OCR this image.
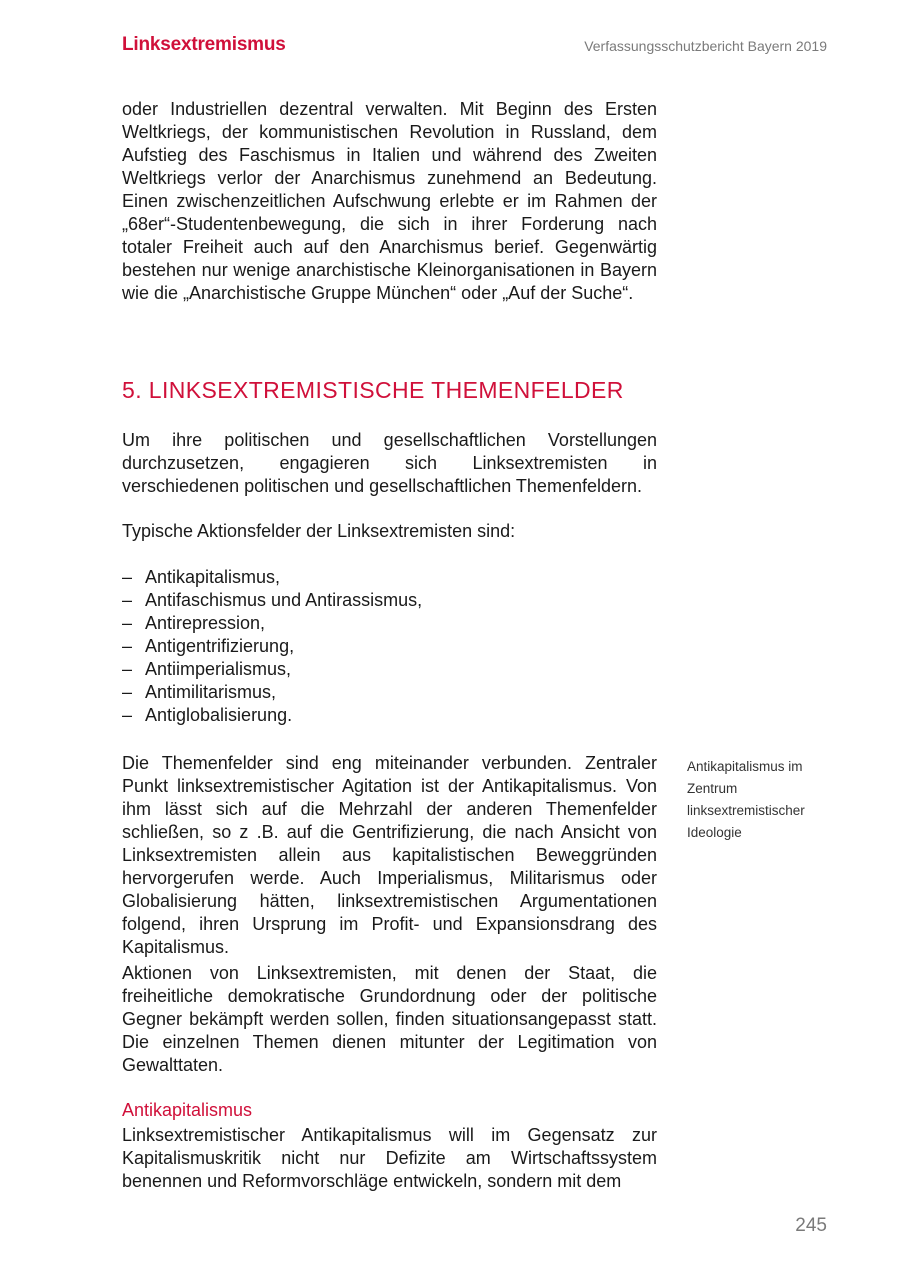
Linksextremismus	Verfassungsschutzbericht Bayern 2019

oder Industriellen dezentral verwalten. Mit Beginn des Ersten Weltkriegs, der kommunistischen Revolution in Russland, dem Aufstieg des Faschismus in Italien und während des Zweiten Weltkriegs verlor der Anarchismus zunehmend an Bedeutung. Einen zwischenzeitlichen Aufschwung erlebte er im Rahmen der „68er“-Studentenbewegung, die sich in ihrer Forderung nach totaler Freiheit auch auf den Anarchismus berief. Gegenwärtig bestehen nur wenige anarchistische Kleinorganisationen in Bayern wie die „Anarchistische Gruppe München“ oder „Auf der Suche“.

5. LINKSEXTREMISTISCHE THEMENFELDER

Um ihre politischen und gesellschaftlichen Vorstellungen durchzusetzen, engagieren sich Linksextremisten in verschiedenen politischen und gesellschaftlichen Themenfeldern.

Typische Aktionsfelder der Linksextremisten sind:

– Antikapitalismus,
– Antifaschismus und Antirassismus,
– Antirepression,
– Antigentrifizierung,
– Antiimperialismus,
– Antimilitarismus,
– Antiglobalisierung.

Die Themenfelder sind eng miteinander verbunden. Zentraler Punkt linksextremistischer Agitation ist der Antikapitalismus. Von ihm lässt sich auf die Mehrzahl der anderen Themenfelder schließen, so z .B. auf die Gentrifizierung, die nach Ansicht von Linksextremisten allein aus kapitalistischen Beweggründen hervorgerufen werde. Auch Imperialismus, Militarismus oder Globalisierung hätten, linksextremistischen Argumentationen folgend, ihren Ursprung im Profit- und Expansionsdrang des Kapitalismus.

Antikapitalismus im Zentrum linksextremistischer Ideologie

Aktionen von Linksextremisten, mit denen der Staat, die freiheitliche demokratische Grundordnung oder der politische Gegner bekämpft werden sollen, finden situationsangepasst statt. Die einzelnen Themen dienen mitunter der Legitimation von Gewalttaten.

Antikapitalismus

Linksextremistischer Antikapitalismus will im Gegensatz zur Kapitalismuskritik nicht nur Defizite am Wirtschaftssystem benennen und Reformvorschläge entwickeln, sondern mit dem

245
